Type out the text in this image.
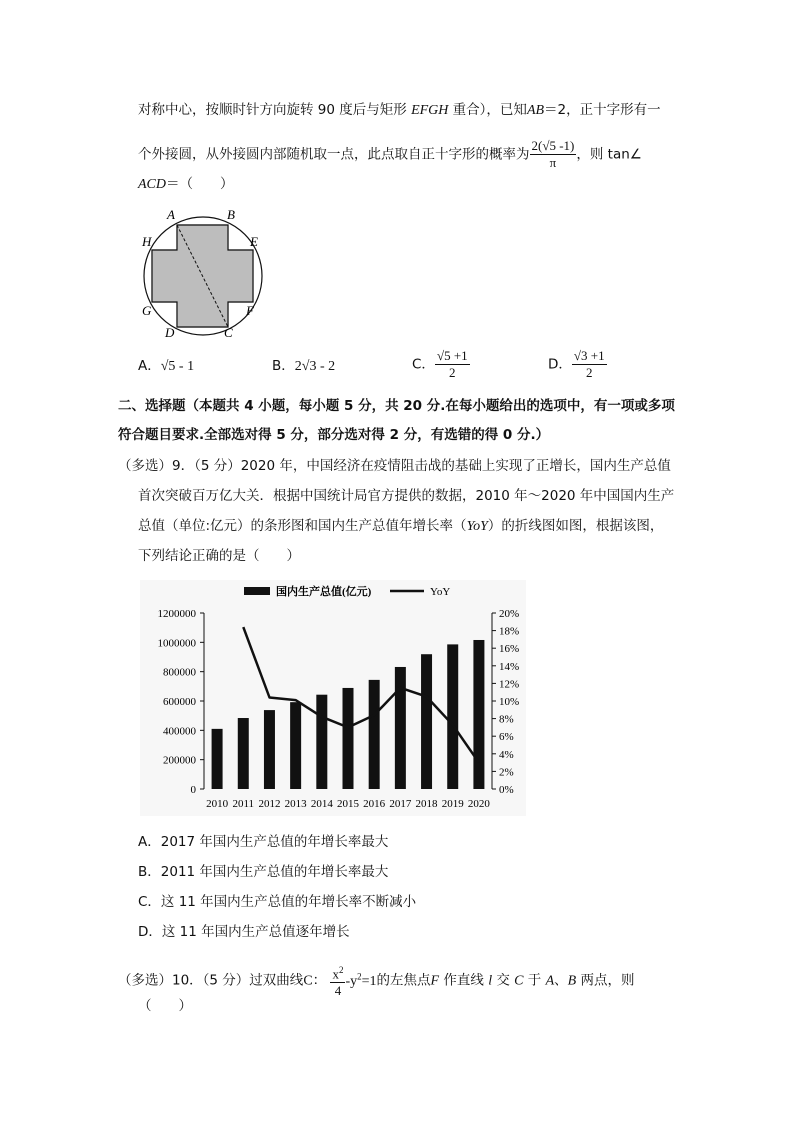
对称中心，按顺时针方向旋转 90 度后与矩形 EFGH 重合），已知AB＝2，正十字形有一
个外接圆，从外接圆内部随机取一点，此点取自正十字形的概率为 $\frac{2(√5 -1)}{\pi}$ ，则 tan∠
ACD＝（　　）
A	B
H	E
G	F
D	C
A．√5 - 1	B．2√3 - 2	C． $\frac{√5 +1}{2}$	D． $\frac{√3 +1}{2}$
二、选择题（本题共 4 小题，每小题 5 分，共 20 分.在每小题给出的选项中，有一项或多项
符合题目要求.全部选对得 5 分，部分选对得 2 分，有选错的得 0 分.）
（多选）9．（5 分）2020 年，中国经济在疫情阻击战的基础上实现了正增长，国内生产总值
首次突破百万亿大关．根据中国统计局官方提供的数据，2010 年～2020 年中国国内生产
总值（单位:亿元）的条形图和国内生产总值年增长率（YoY）的折线图如图，根据该图，
下列结论正确的是（　　）
国内生产总值(亿元)	YoY
0
200000
400000
600000
800000
1000000
1200000
0%
2%
4%
6%
8%
10%
12%
14%
16%
18%
20%
2010 2011 2012 2013 2014 2015 2016 2017 2018 2019 2020
A．2017 年国内生产总值的年增长率最大
B．2011 年国内生产总值的年增长率最大
C．这 11 年国内生产总值的年增长率不断减小
D．这 11 年国内生产总值逐年增长
（多选）10．（5 分）过双曲线C： $\frac{x^2}{4} -y^2=1$的左焦点F 作直线 l 交 C 于 A、B 两点，则
（　　）
